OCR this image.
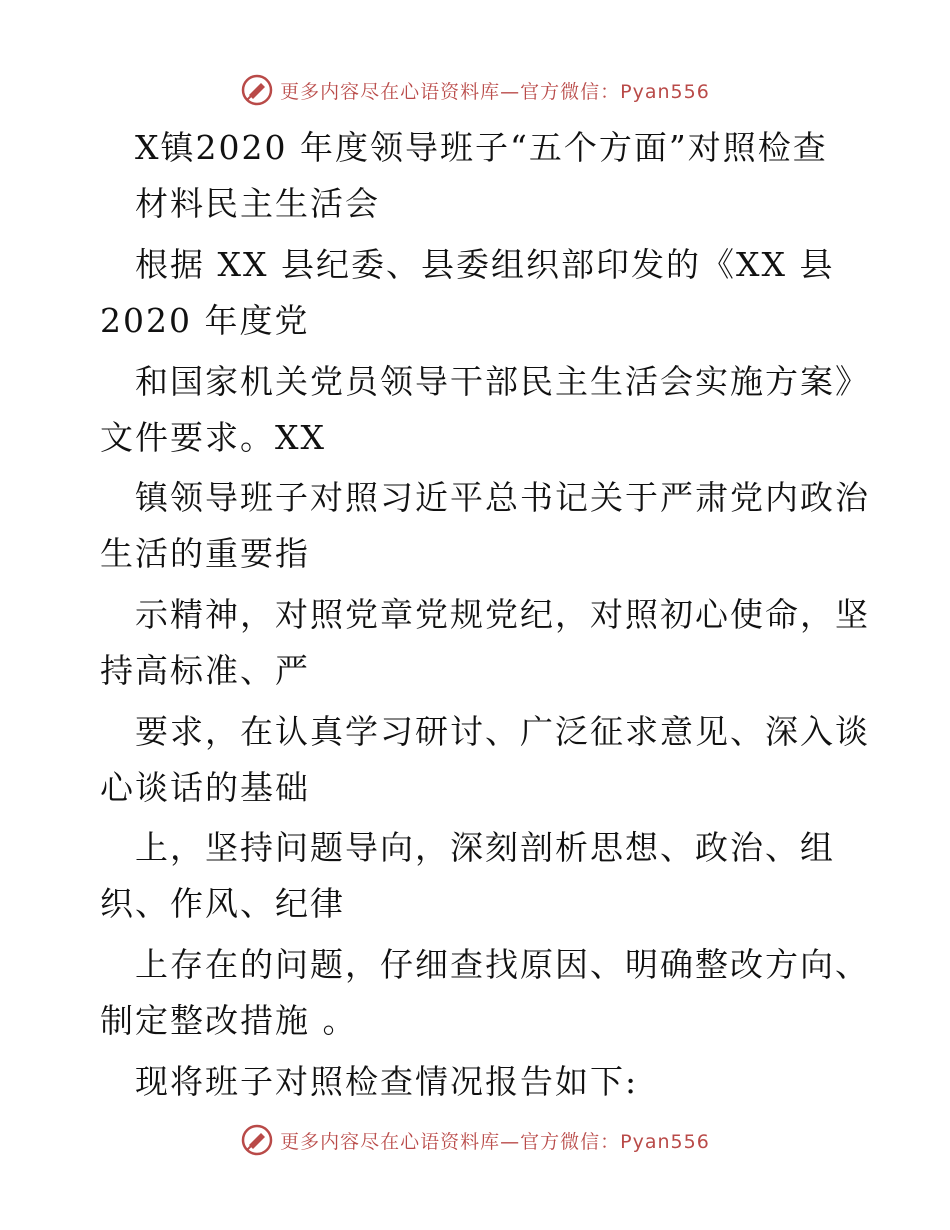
更多内容尽在心语资料库—官方微信：Pyan556
X镇2020 年度领导班子“五个方面”对照检查
材料民主生活会
根据 XX 县纪委、县委组织部印发的《XX 县
2020 年度党
和国家机关党员领导干部民主生活会实施方案》
文件要求。XX
镇领导班子对照习近平总书记关于严肃党内政治
生活的重要指
示精神，对照党章党规党纪，对照初心使命，坚
持高标准、严
要求，在认真学习研讨、广泛征求意见、深入谈
心谈话的基础
上，坚持问题导向，深刻剖析思想、政治、组
织、作风、纪律
上存在的问题，仔细查找原因、明确整改方向、
制定整改措施 。
现将班子对照检查情况报告如下:
更多内容尽在心语资料库—官方微信：Pyan556
